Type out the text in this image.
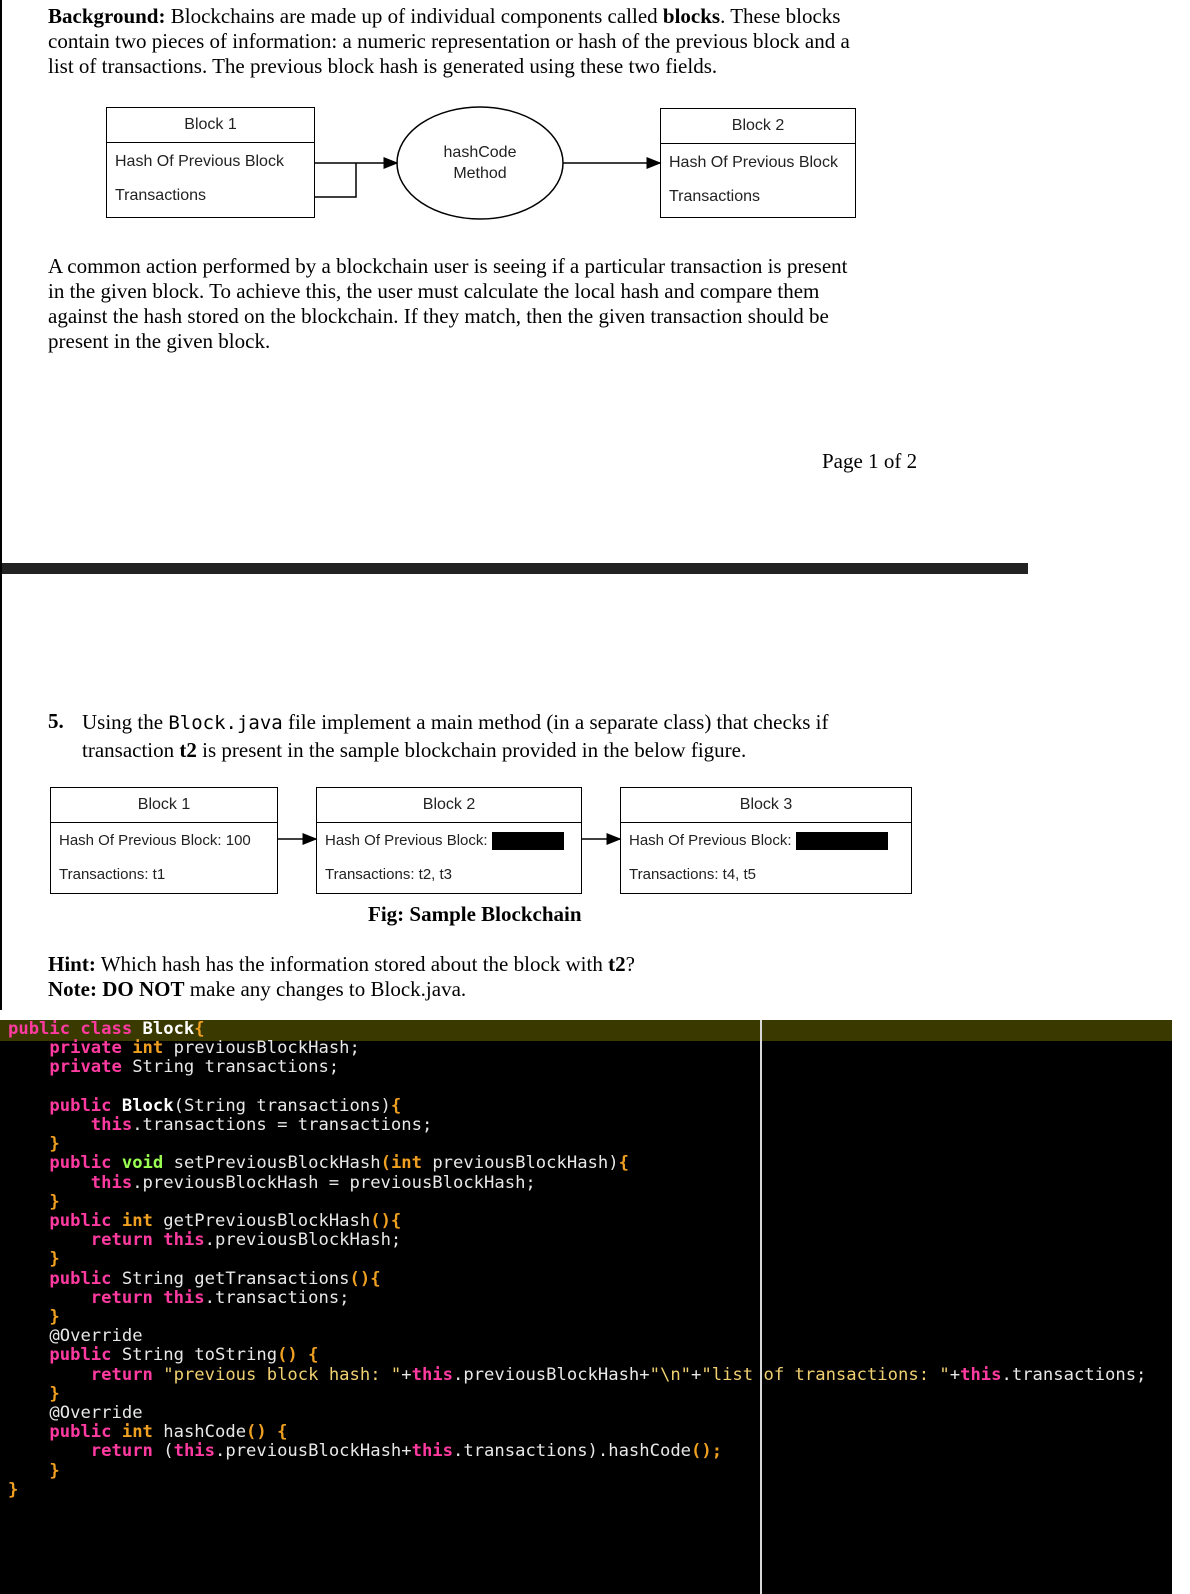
Background: Blockchains are made up of individual components called blocks. These blocks
contain two pieces of information: a numeric representation or hash of the previous block and a
list of transactions. The previous block hash is generated using these two fields.

Block 1
Hash Of Previous Block
Transactions
Block 2
Hash Of Previous Block
Transactions
hashCode
Method

A common action performed by a blockchain user is seeing if a particular transaction is present
in the given block. To achieve this, the user must calculate the local hash and compare them
against the hash stored on the blockchain. If they match, then the given transaction should be
present in the given block.

Page 1 of 2
5. Using the Block.java file implement a main method (in a separate class) that checks if
transaction t2 is present in the sample blockchain provided in the below figure.
Block 1
Hash Of Previous Block: 100
Transactions: t1
Block 2
Hash Of Previous Block:
Transactions: t2, t3
Block 3
Hash Of Previous Block:
Transactions: t4, t5
Fig: Sample Blockchain
Hint: Which hash has the information stored about the block with t2?
Note: DO NOT make any changes to Block.java.
public class Block{
private int previousBlockHash;
private String transactions;

public Block(String transactions){
this.transactions = transactions;
}
public void setPreviousBlockHash(int previousBlockHash){
this.previousBlockHash = previousBlockHash;
}
public int getPreviousBlockHash(){
return this.previousBlockHash;
}
public String getTransactions(){
return this.transactions;
}
@Override
public String toString() {
return "previous block hash: "+this.previousBlockHash+"\n"+"list of transactions: "+this.transactions;
}
@Override
public int hashCode() {
return (this.previousBlockHash+this.transactions).hashCode();
}
}
